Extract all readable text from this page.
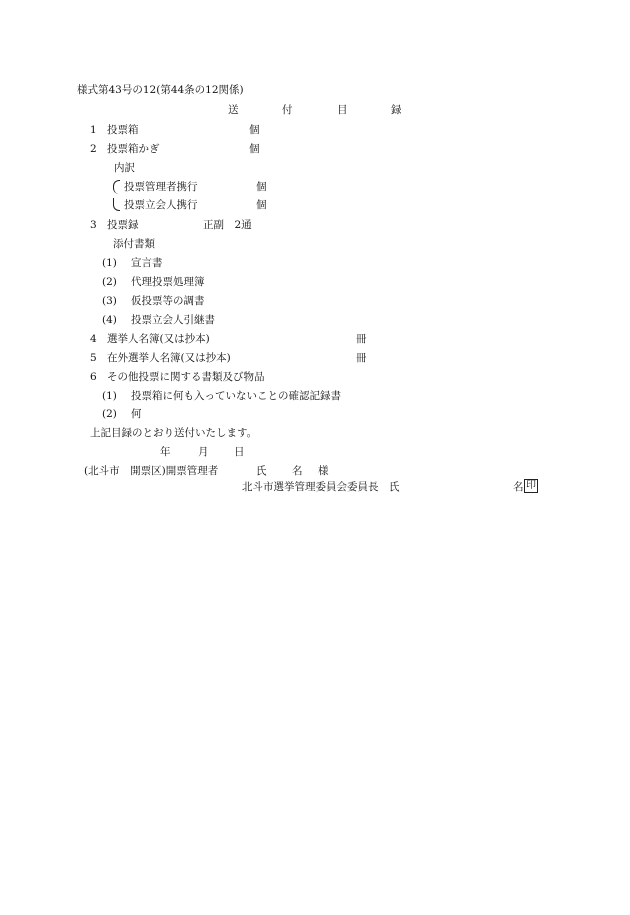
様式第43号の12(第44条の12関係)
送	付	目	録
1 投票箱	個
2 投票箱かぎ	個
内訳
投票管理者携行	個
投票立会人携行	個
3 投票録	正副　2通
添付書類
(1) 宣言書
(2) 代理投票処理簿
(3) 仮投票等の調書
(4) 投票立会人引継書
4 選挙人名簿(又は抄本)	冊
5 在外選挙人名簿(又は抄本)	冊
6 その他投票に関する書類及び物品
(1) 投票箱に何も入っていないことの確認記録書
(2) 何
上記目録のとおり送付いたします。
年	月 日
(北斗市　開票区)開票管理者	氏 名 様
北斗市選挙管理委員会委員長　氏	名 印
